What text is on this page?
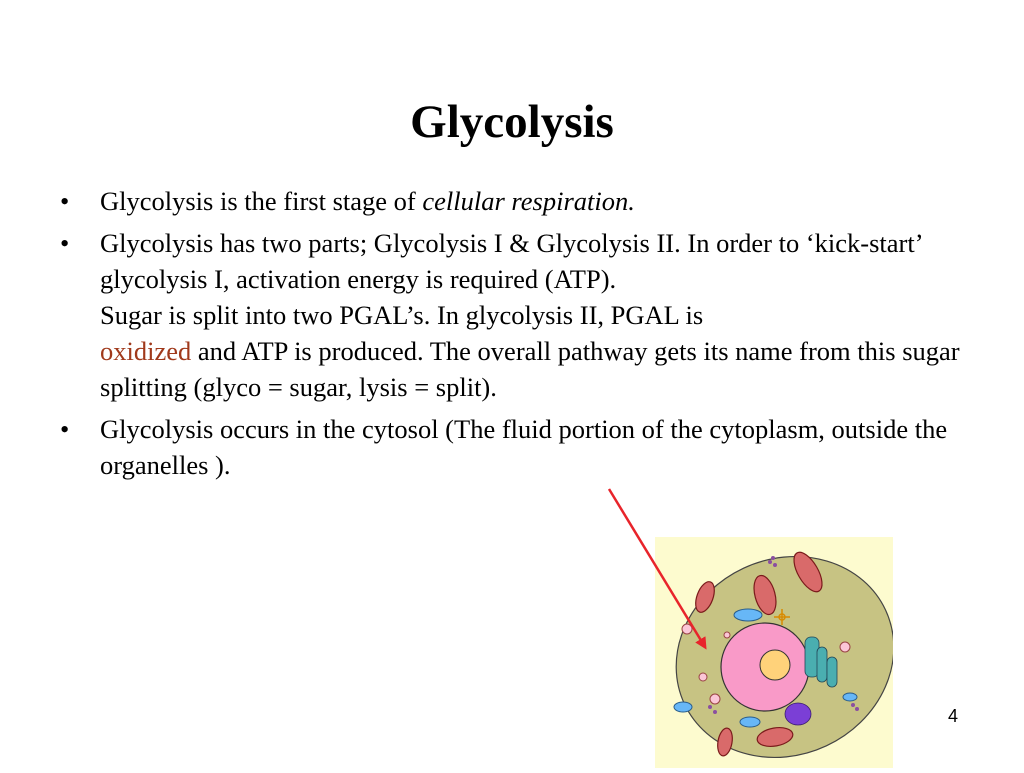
Glycolysis
• Glycolysis is the first stage of cellular respiration.
• Glycolysis has two parts; Glycolysis I & Glycolysis II. In order to ‘kick-start’ glycolysis I, activation energy is required (ATP).
Sugar is split into two PGAL’s. In glycolysis II, PGAL is
oxidized and ATP is produced. The overall pathway gets its name from this sugar splitting (glyco = sugar, lysis = split).
• Glycolysis occurs in the cytosol (The fluid portion of the cytoplasm, outside the organelles ).
4
